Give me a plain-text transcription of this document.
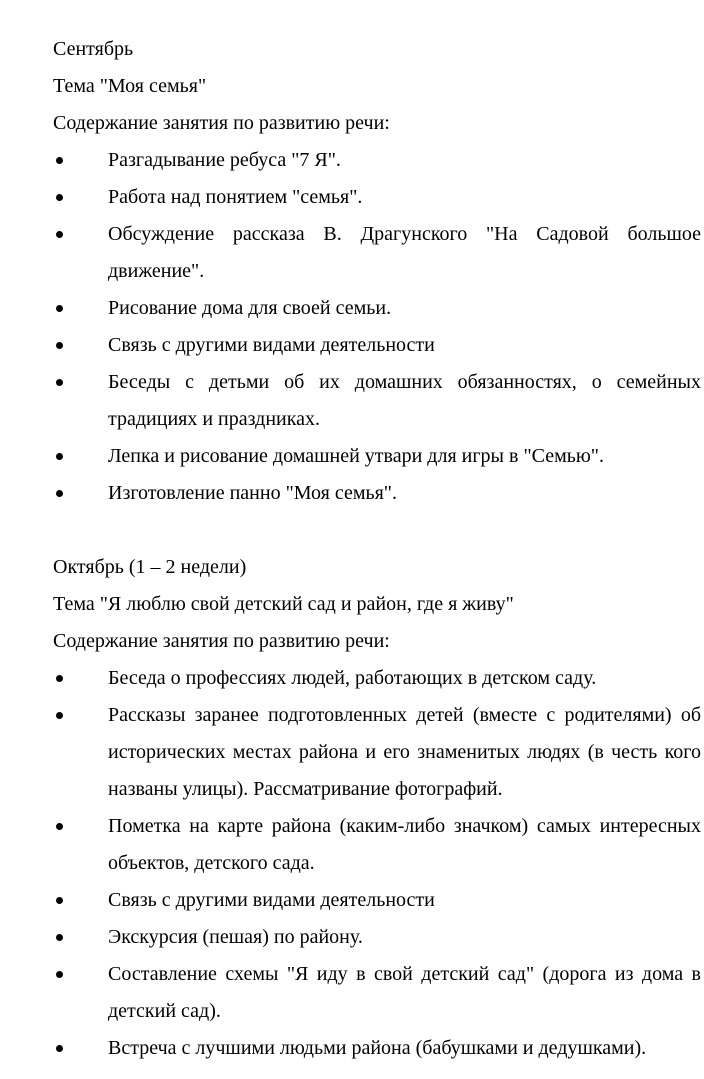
Сентябрь
Тема "Моя семья"
Содержание занятия по развитию речи:
Разгадывание ребуса "7 Я".
Работа над понятием "семья".
Обсуждение рассказа В. Драгунского "На Садовой большое движение".
Рисование дома для своей семьи.
Связь с другими видами деятельности
Беседы с детьми об их домашних обязанностях, о семейных традициях и праздниках.
Лепка и рисование домашней утвари для игры в "Семью".
Изготовление панно "Моя семья".
Октябрь (1 – 2 недели)
Тема "Я люблю свой детский сад и район, где я живу"
Содержание занятия по развитию речи:
Беседа о профессиях людей, работающих в детском саду.
Рассказы заранее подготовленных детей (вместе с родителями) об исторических местах района и его знаменитых людях (в честь кого названы улицы). Рассматривание фотографий.
Пометка на карте района (каким-либо значком) самых интересных объектов, детского сада.
Связь с другими видами деятельности
Экскурсия (пешая) по району.
Составление схемы "Я иду в свой детский сад" (дорога из дома в детский сад).
Встреча с лучшими людьми района (бабушками и дедушками).
